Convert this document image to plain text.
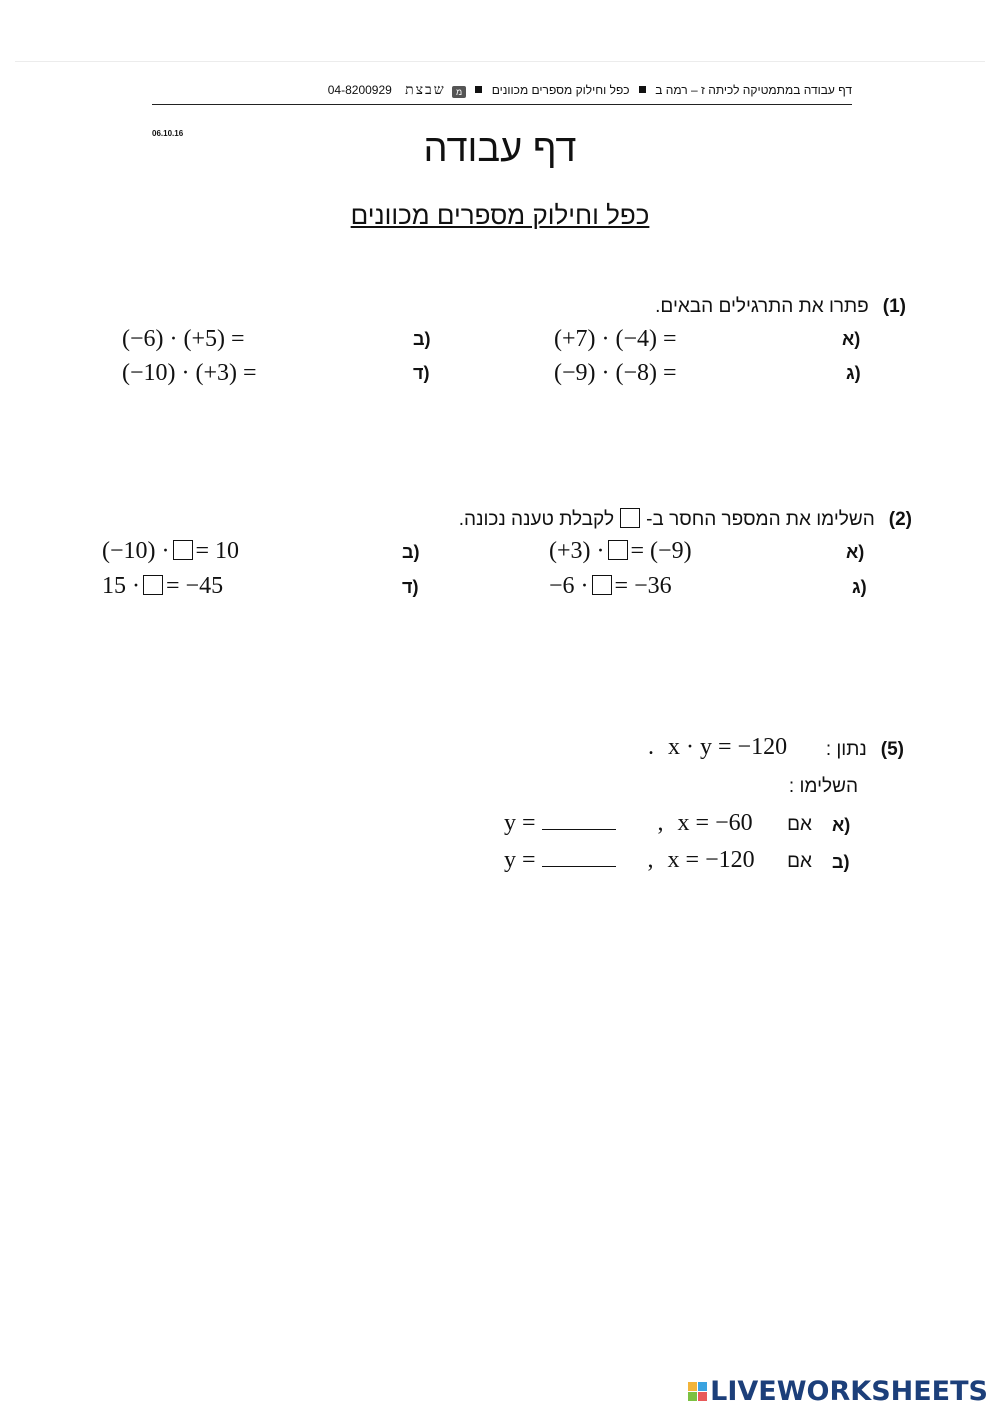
דף עבודה במתמטיקה לכיתה ז – רמה ב  כפל וחילוק מספרים מכוונים  מ שבצת 04-8200929
06.10.16	דף עבודה
כפל וחילוק מספרים מכוונים
(1)פתרו את התרגילים הבאים.
(א
(+7) · (−4) =
(ב
(−6) · (+5) =
(ג
(−9) · (−8) =
(ד
(−10) · (+3) =
(2)השלימו את המספר החסר ב-לקבלת טענה נכונה.
(א
(+3) · = (−9)
(ב
(−10) · = 10
(ג
−6 · = −36
(ד
15 · = −45
(5)נתון :
. x · y = −120
השלימו :
(א
אם
y =	, x = −60
(ב
אם
y =	, x = −120
LIVEWORKSHEETS
